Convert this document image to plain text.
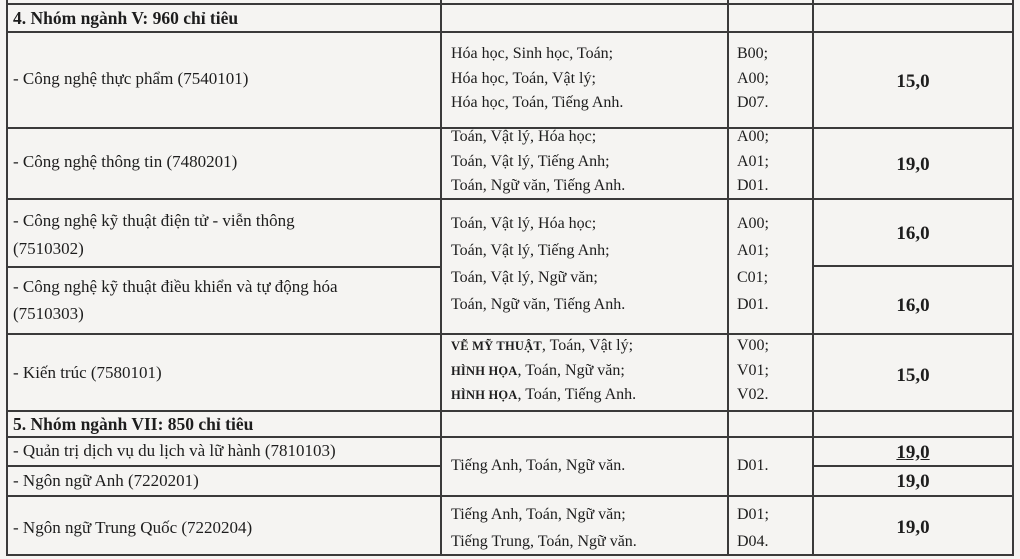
4. Nhóm ngành V: 960 chỉ tiêu
- Công nghệ thực phẩm (7540101)
Hóa học, Sinh học, Toán;
Hóa học, Toán, Vật lý;
Hóa học, Toán, Tiếng Anh.
B00;
A00;
D07.
15,0
- Công nghệ thông tin (7480201)
Toán, Vật lý, Hóa học;
Toán, Vật lý, Tiếng Anh;
Toán, Ngữ văn, Tiếng Anh.
A00;
A01;
D01.
19,0
- Công nghệ kỹ thuật điện tử - viễn thông
(7510302)
- Công nghệ kỹ thuật điều khiển và tự động hóa
(7510303)
Toán, Vật lý, Hóa học;
Toán, Vật lý, Tiếng Anh;
Toán, Vật lý, Ngữ văn;
Toán, Ngữ văn, Tiếng Anh.
A00;
A01;
C01;
D01.
16,0
16,0
- Kiến trúc (7580101)
VẼ MỸ THUẬT, Toán, Vật lý;
HÌNH HỌA, Toán, Ngữ văn;
HÌNH HỌA, Toán, Tiếng Anh.
V00;
V01;
V02.
15,0
5. Nhóm ngành VII: 850 chỉ tiêu
- Quản trị dịch vụ du lịch và lữ hành (7810103)
- Ngôn ngữ Anh (7220201)
Tiếng Anh, Toán, Ngữ văn.	D01.
19,0
19,0
- Ngôn ngữ Trung Quốc (7220204)
Tiếng Anh, Toán, Ngữ văn;
Tiếng Trung, Toán, Ngữ văn.
D01;
D04.
19,0
